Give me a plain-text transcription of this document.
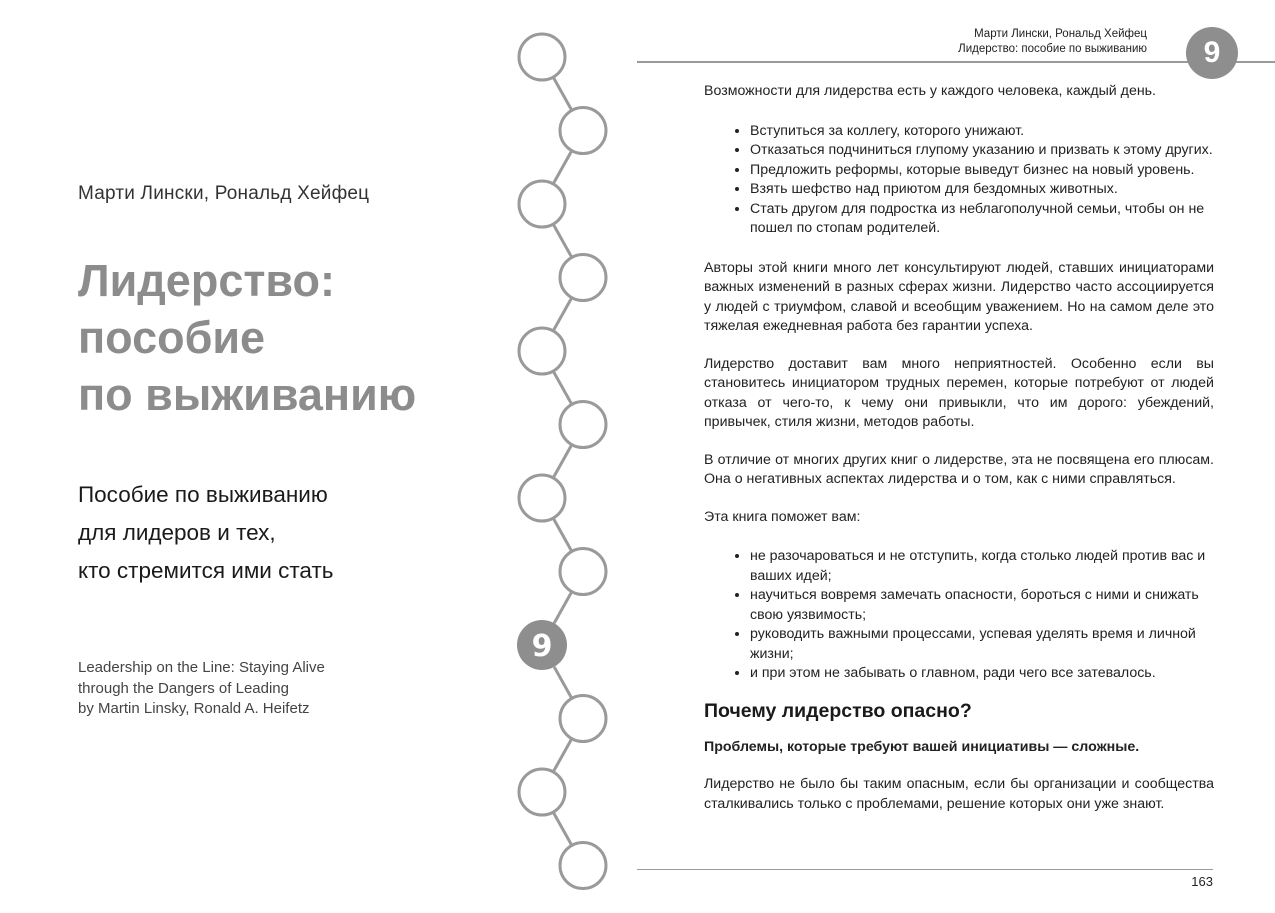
Марти Лински, Рональд Хейфец
Лидерство:
пособие
по выживанию
Пособие по выживанию
для лидеров и тех,
кто стремится ими стать
Leadership on the Line: Staying Alive
through the Dangers of Leading
by Martin Linsky, Ronald A. Heifetz
9
Марти Лински, Рональд Хейфец
Лидерство: пособие по выживанию	9

Возможности для лидерства есть у каждого человека, каждый день.

• Вступиться за коллегу, которого унижают.
• Отказаться подчиниться глупому указанию и призвать к этому других.
• Предложить реформы, которые выведут бизнес на новый уровень.
• Взять шефство над приютом для бездомных животных.
• Стать другом для подростка из неблагополучной семьи, чтобы он не пошел по стопам родителей.

Авторы этой книги много лет консультируют людей, ставших инициаторами важных изменений в разных сферах жизни. Лидерство часто ассоциируется у людей с триумфом, славой и всеобщим уважением. Но на самом деле это тяжелая ежедневная работа без гарантии успеха.

Лидерство доставит вам много неприятностей. Особенно если вы становитесь инициатором трудных перемен, которые потребуют от людей отказа от чего-то, к чему они привыкли, что им дорого: убеждений, привычек, стиля жизни, методов работы.

В отличие от многих других книг о лидерстве, эта не посвящена его плюсам. Она о негативных аспектах лидерства и о том, как с ними справляться.

Эта книга поможет вам:

• не разочароваться и не отступить, когда столько людей против вас и ваших идей;
• научиться вовремя замечать опасности, бороться с ними и снижать свою уязвимость;
• руководить важными процессами, успевая уделять время и личной жизни;
• и при этом не забывать о главном, ради чего все затевалось.
Почему лидерство опасно?

Проблемы, которые требуют вашей инициативы — сложные.

Лидерство не было бы таким опасным, если бы организации и сообщества сталкивались только с проблемами, решение которых они уже знают.

163
